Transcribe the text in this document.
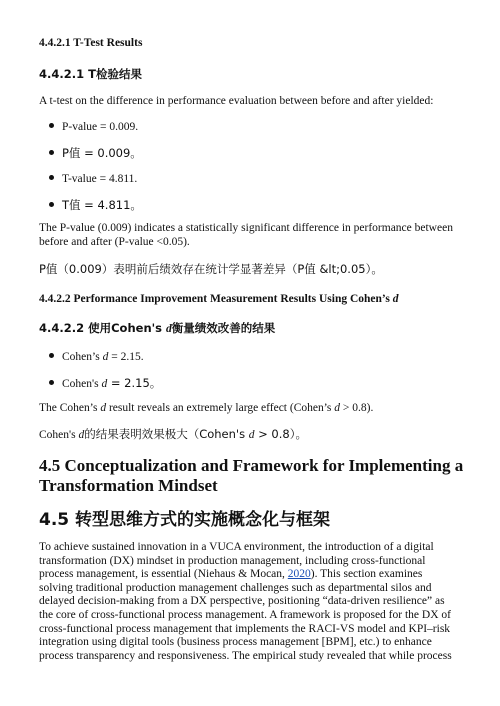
4.4.2.1 T-Test Results
4.4.2.1 T检验结果
A t-test on the difference in performance evaluation between before and after yielded:
P-value = 0.009.
P值 = 0.009。
T-value = 4.811.
T值 = 4.811。
The P-value (0.009) indicates a statistically significant difference in performance between before and after (P-value <0.05).
P值（0.009）表明前后绩效存在统计学显著差异（P值 &lt;0.05）。
4.4.2.2 Performance Improvement Measurement Results Using Cohen’s d
4.4.2.2 使用Cohen's d衡量绩效改善的结果
Cohen’s d = 2.15.
Cohen's d = 2.15。
The Cohen’s d result reveals an extremely large effect (Cohen’s d > 0.8).
Cohen's d的结果表明效果极大（Cohen's d > 0.8）。
4.5 Conceptualization and Framework for Implementing a Transformation Mindset
4.5 转型思维方式的实施概念化与框架
To achieve sustained innovation in a VUCA environment, the introduction of a digital transformation (DX) mindset in production management, including cross-functional process management, is essential (Niehaus & Mocan, 2020). This section examines solving traditional production management challenges such as departmental silos and delayed decision-making from a DX perspective, positioning “data-driven resilience” as the core of cross-functional process management. A framework is proposed for the DX of cross-functional process management that implements the RACI-VS model and KPI–risk integration using digital tools (business process management [BPM], etc.) to enhance process transparency and responsiveness. The empirical study revealed that while process
